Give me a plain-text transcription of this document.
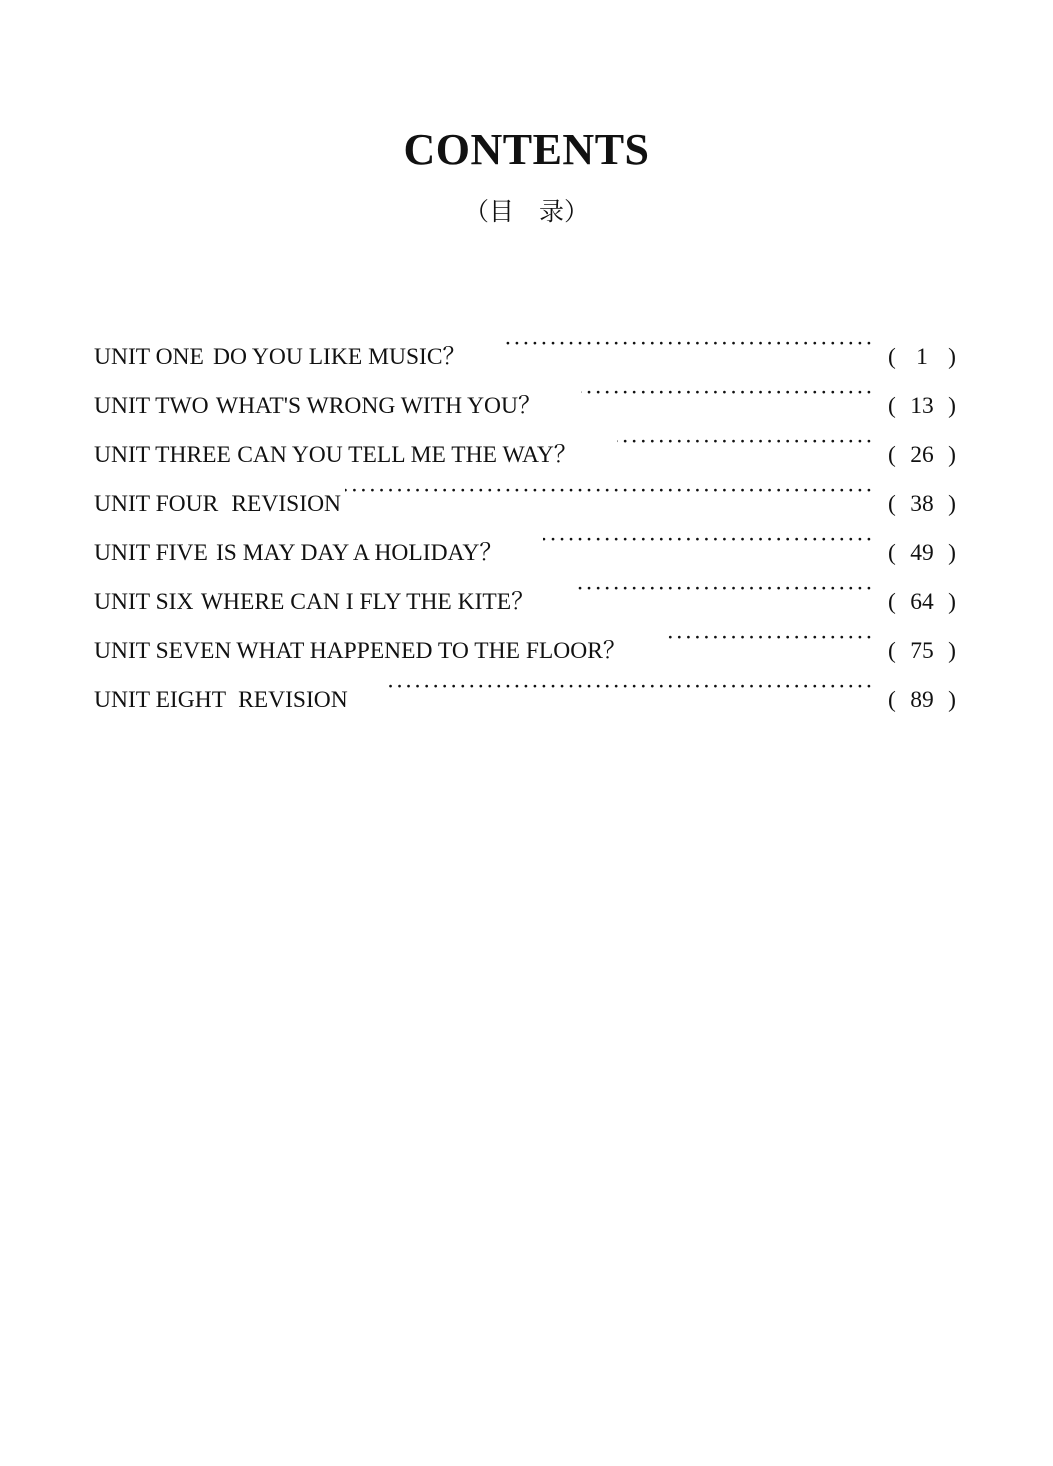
CONTENTS
（目　录）
UNIT ONE DO YOU LIKE MUSIC？ ·····	( 1 )
UNIT TWO WHAT'S WRONG WITH YOU？ ·····	( 13 )
UNIT THREE CAN YOU TELL ME THE WAY？ ·····	( 26 )
UNIT FOUR REVISION ·····	( 38 )
UNIT FIVE IS MAY DAY A HOLIDAY？ ·····	( 49 )
UNIT SIX WHERE CAN I FLY THE KITE？ ·····	( 64 )
UNIT SEVEN WHAT HAPPENED TO THE FLOOR？ ·····	( 75 )
UNIT EIGHT REVISION ·····	( 89 )
